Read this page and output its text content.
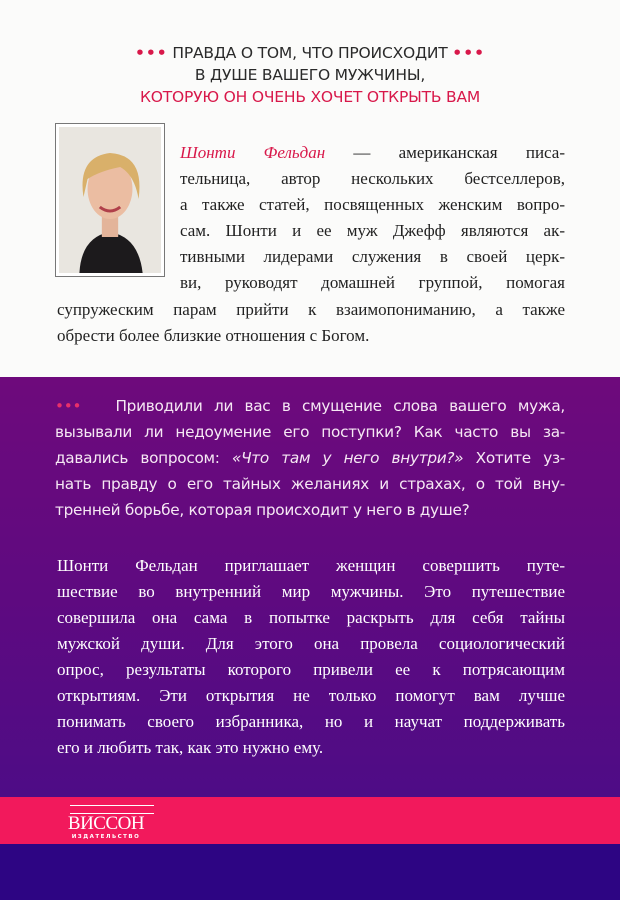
••• ПРАВДА О ТОМ, ЧТО ПРОИСХОДИТ •••
В ДУШЕ ВАШЕГО МУЖЧИНЫ,
КОТОРУЮ ОН ОЧЕНЬ ХОЧЕТ ОТКРЫТЬ ВАМ
Шонти Фельдан — американская писа-
тельница, автор нескольких бестселлеров,
а также статей, посвященных женским вопро-
сам. Шонти и ее муж Джефф являются ак-
тивными лидерами служения в своей церк-
ви, руководят домашней группой, помогая
супружеским парам прийти к взаимопониманию, а также
обрести более близкие отношения с Богом.
••• Приводили ли вас в смущение слова вашего мужа,
вызывали ли недоумение его поступки? Как часто вы за-
давались вопросом: «Что там у него внутри?» Хотите уз-
нать правду о его тайных желаниях и страхах, о той вну-
тренней борьбе, которая происходит у него в душе?
Шонти Фельдан приглашает женщин совершить путе-
шествие во внутренний мир мужчины. Это путешествие
совершила она сама в попытке раскрыть для себя тайны
мужской души. Для этого она провела социологический
опрос, результаты которого привели ее к потрясающим
открытиям. Эти открытия не только помогут вам лучше
понимать своего избранника, но и научат поддерживать
его и любить так, как это нужно ему.
ВИССОН
ИЗДАТЕЛЬСТВО
